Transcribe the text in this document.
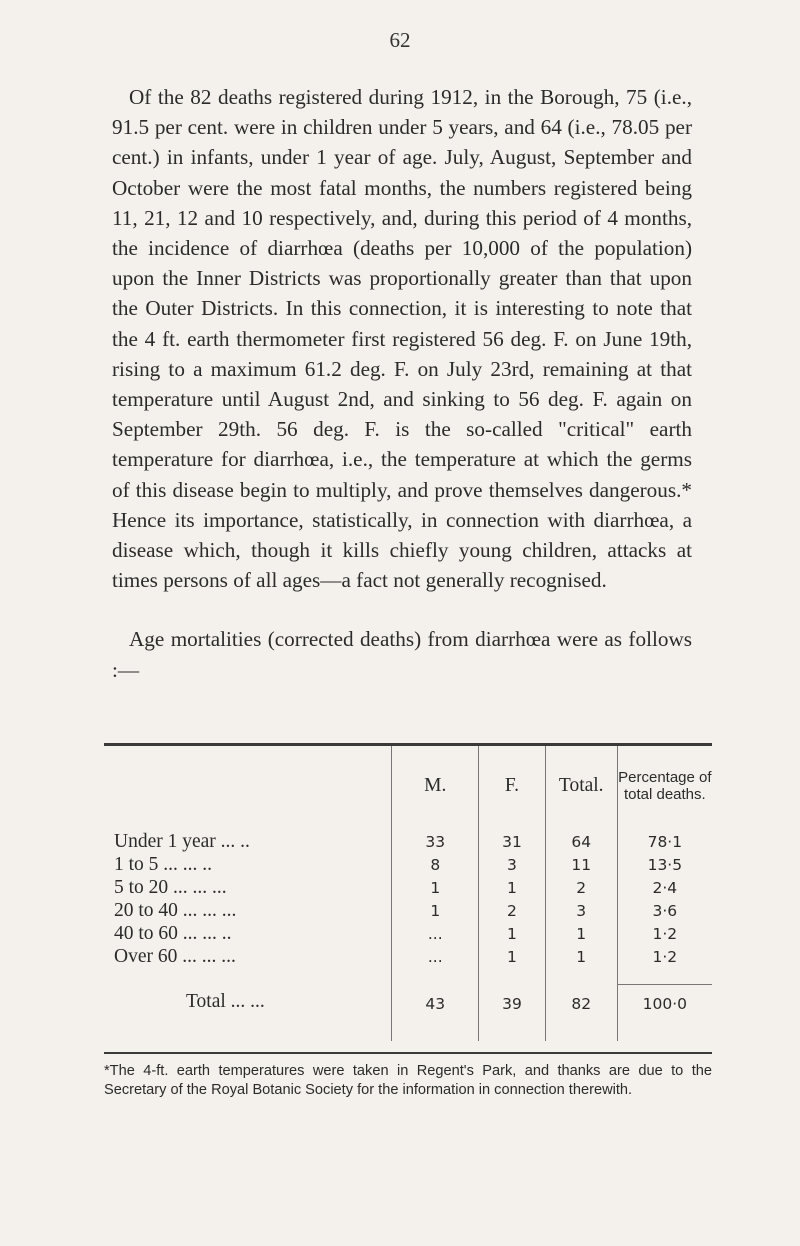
62

Of the 82 deaths registered during 1912, in the Borough, 75 (i.e., 91.5 per cent. were in children under 5 years, and 64 (i.e., 78.05 per cent.) in infants, under 1 year of age. July, August, September and October were the most fatal months, the numbers registered being 11, 21, 12 and 10 respectively, and, during this period of 4 months, the incidence of diarrhœa (deaths per 10,000 of the population) upon the Inner Districts was proportionally greater than that upon the Outer Districts. In this connection, it is interesting to note that the 4 ft. earth thermometer first registered 56 deg. F. on June 19th, rising to a maximum 61.2 deg. F. on July 23rd, remaining at that temperature until August 2nd, and sinking to 56 deg. F. again on September 29th. 56 deg. F. is the so-called "critical" earth temperature for diarrhœa, i.e., the temperature at which the germs of this disease begin to multiply, and prove themselves dangerous.* Hence its importance, statistically, in connection with diarrhœa, a disease which, though it kills chiefly young children, attacks at times persons of all ages—a fact not generally recognised.

Age mortalities (corrected deaths) from diarrhœa were as follows :—

	M.	F.	Total.	Percentage of total deaths.
Under 1 year ... ..	33	31	64	78·1
1 to 5 ... ... ..	8	3	11	13·5
5 to 20 ... ... ...	1	1	2	2·4
20 to 40 ... ... ...	1	2	3	3·6
40 to 60 ... ... ..	...	1	1	1·2
Over 60 ... ... ...	...	1	1	1·2

Total ... ...	43	39	82	100·0

*The 4-ft. earth temperatures were taken in Regent's Park, and thanks are due to the Secretary of the Royal Botanic Society for the information in connection therewith.
